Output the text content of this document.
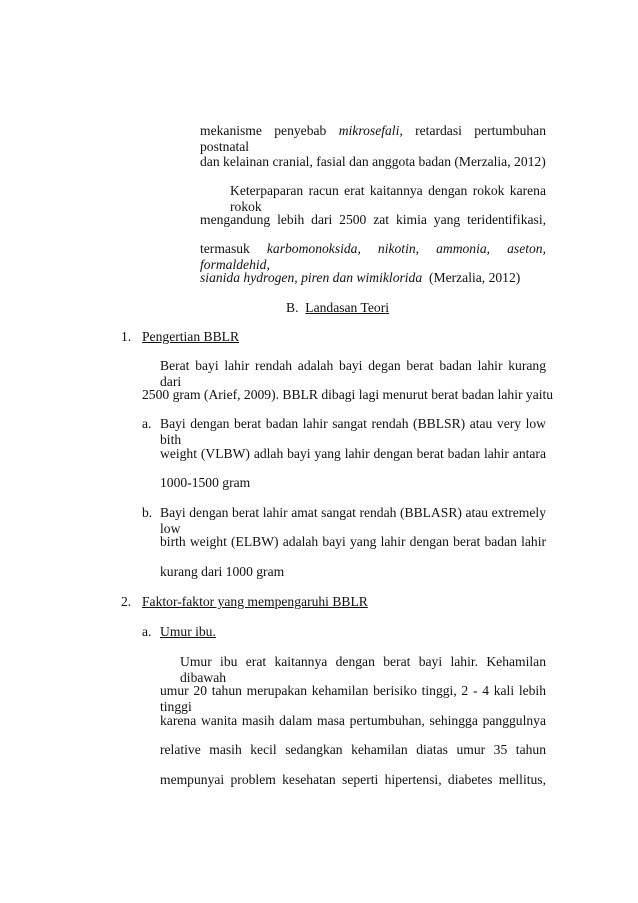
mekanisme penyebab mikrosefali, retardasi pertumbuhan postnatal
dan kelainan cranial, fasial dan anggota badan (Merzalia, 2012)
Keterpaparan racun erat kaitannya dengan rokok karena rokok
mengandung lebih dari 2500 zat kimia yang teridentifikasi,
termasuk karbomonoksida, nikotin, ammonia, aseton, formaldehid,
sianida hydrogen, piren dan wimiklorida  (Merzalia, 2012)
B. Landasan Teori
1. Pengertian BBLR
Berat bayi lahir rendah adalah bayi degan berat badan lahir kurang dari
2500 gram (Arief, 2009). BBLR dibagi lagi menurut berat badan lahir yaitu
a. Bayi dengan berat badan lahir sangat rendah (BBLSR) atau very low bith
weight (VLBW) adlah bayi yang lahir dengan berat badan lahir antara
1000-1500 gram
b. Bayi dengan berat lahir amat sangat rendah (BBLASR) atau extremely low
birth weight (ELBW) adalah bayi yang lahir dengan berat badan lahir
kurang dari 1000 gram
2. Faktor-faktor yang mempengaruhi BBLR
a. Umur ibu.
Umur ibu erat kaitannya dengan berat bayi lahir. Kehamilan dibawah
umur 20 tahun merupakan kehamilan berisiko tinggi, 2 - 4 kali lebih tinggi
karena wanita masih dalam masa pertumbuhan, sehingga panggulnya
relative masih kecil sedangkan kehamilan diatas umur 35 tahun
mempunyai problem kesehatan seperti hipertensi, diabetes mellitus,
